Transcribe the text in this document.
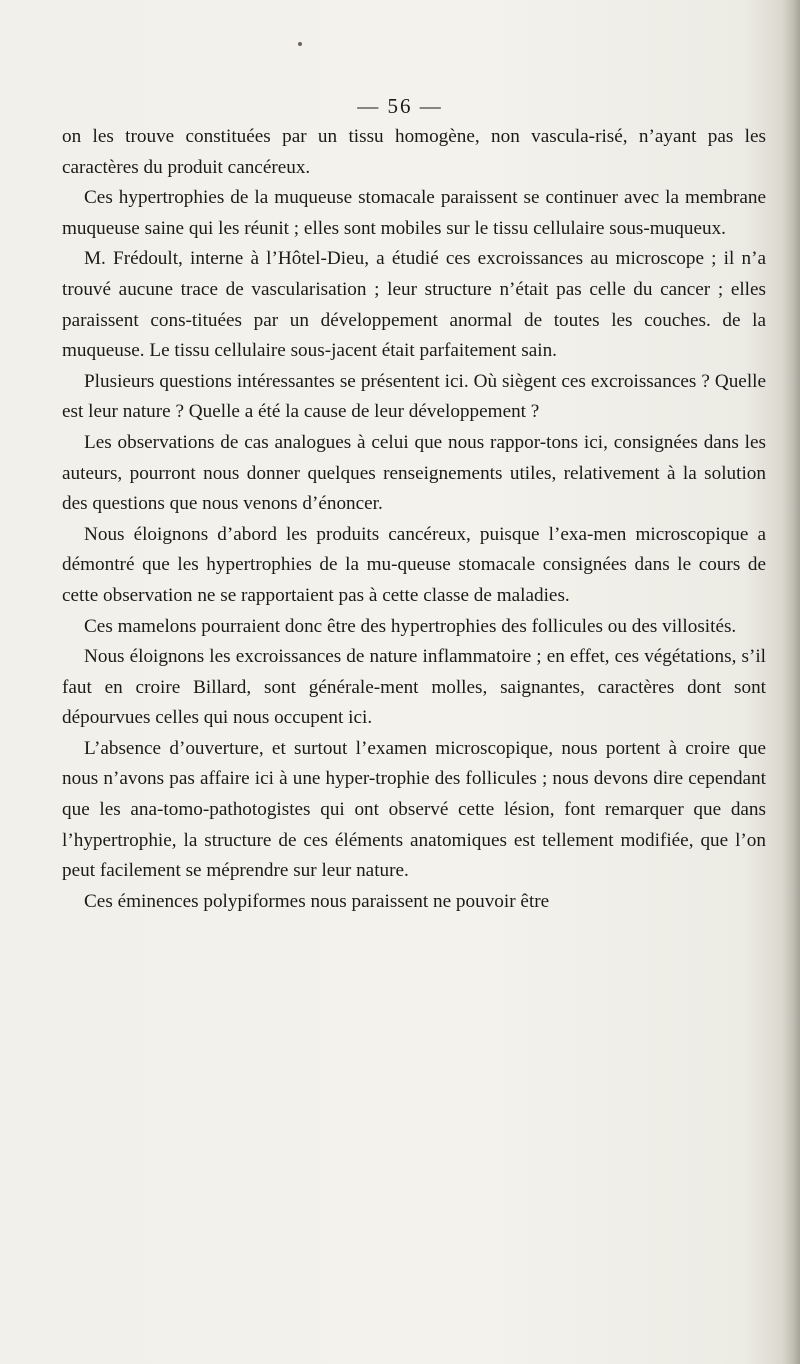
— 56 —

on les trouve constituées par un tissu homogène, non vascula-risé, n’ayant pas les caractères du produit cancéreux.

Ces hypertrophies de la muqueuse stomacale paraissent se continuer avec la membrane muqueuse saine qui les réunit ; elles sont mobiles sur le tissu cellulaire sous-muqueux.

M. Frédoult, interne à l’Hôtel-Dieu, a étudié ces excroissances au microscope ; il n’a trouvé aucune trace de vascularisation ; leur structure n’était pas celle du cancer ; elles paraissent cons-tituées par un développement anormal de toutes les couches. de la muqueuse. Le tissu cellulaire sous-jacent était parfaitement sain.

Plusieurs questions intéressantes se présentent ici. Où siègent ces excroissances ? Quelle est leur nature ? Quelle a été la cause de leur développement ?

Les observations de cas analogues à celui que nous rappor-tons ici, consignées dans les auteurs, pourront nous donner quelques renseignements utiles, relativement à la solution des questions que nous venons d’énoncer.

Nous éloignons d’abord les produits cancéreux, puisque l’exa-men microscopique a démontré que les hypertrophies de la mu-queuse stomacale consignées dans le cours de cette observation ne se rapportaient pas à cette classe de maladies.

Ces mamelons pourraient donc être des hypertrophies des follicules ou des villosités.

Nous éloignons les excroissances de nature inflammatoire ; en effet, ces végétations, s’il faut en croire Billard, sont générale-ment molles, saignantes, caractères dont sont dépourvues celles qui nous occupent ici.

L’absence d’ouverture, et surtout l’examen microscopique, nous portent à croire que nous n’avons pas affaire ici à une hyper-trophie des follicules ; nous devons dire cependant que les ana-tomo-pathotogistes qui ont observé cette lésion, font remarquer que dans l’hypertrophie, la structure de ces éléments anatomiques est tellement modifiée, que l’on peut facilement se méprendre sur leur nature.

Ces éminences polypiformes nous paraissent ne pouvoir être
